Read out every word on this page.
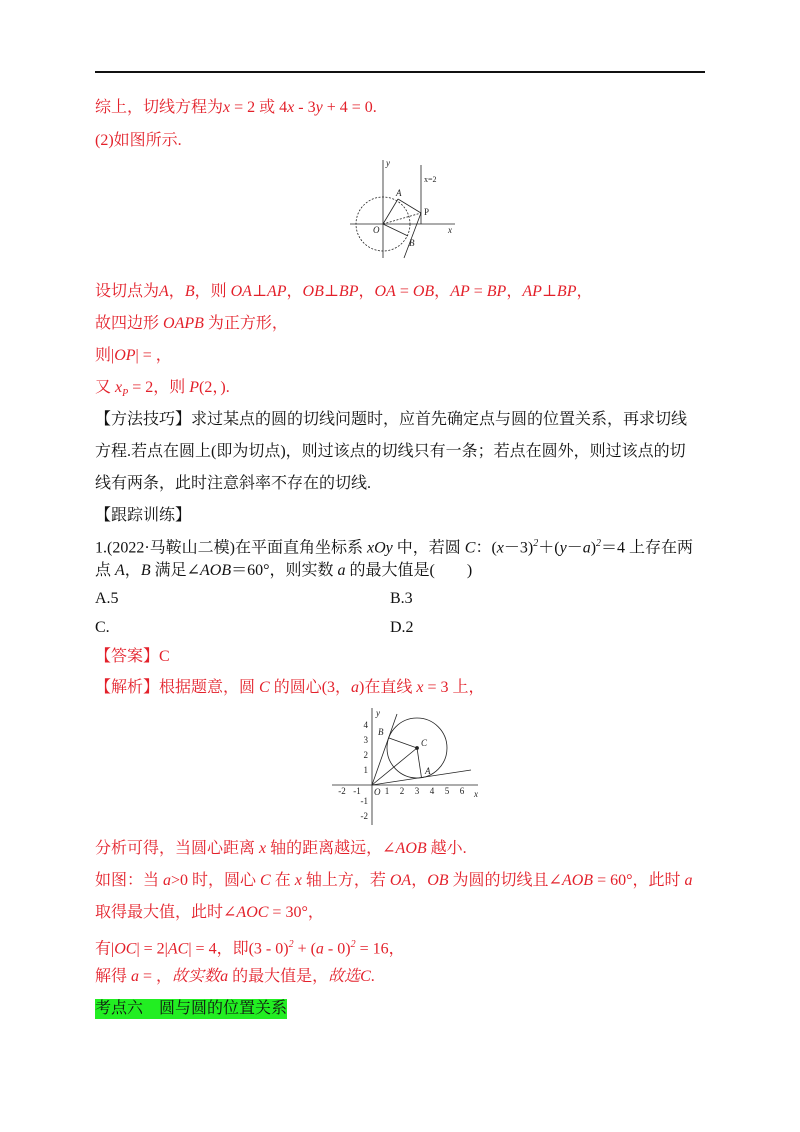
综上，切线方程为x = 2 或 4x - 3y + 4 = 0.
(2)如图所示.
设切点为A，B，则 OA⊥AP，OB⊥BP，OA = OB，AP = BP，AP⊥BP，
故四边形 OAPB 为正方形，
则|OP| = ，
又 $x_P = 2$，则 P(2，).
【方法技巧】求过某点的圆的切线问题时，应首先确定点与圆的位置关系，再求切线
方程.若点在圆上(即为切点)，则过该点的切线只有一条；若点在圆外，则过该点的切
线有两条，此时注意斜率不存在的切线.
【跟踪训练】
1.(2022·马鞍山二模)在平面直角坐标系 xOy 中，若圆 C：$(x-3)^2+(y-a)^2=4$ 上存在两
点 A，B 满足∠AOB＝60°，则实数 a 的最大值是(　　)
【答案】C
【解析】根据题意，圆 C 的圆心(3，a)在直线 x = 3 上，
分析可得，当圆心距离 x 轴的距离越远，∠AOB 越小.
如图：当 a>0 时，圆心 C 在 x 轴上方，若 OA，OB 为圆的切线且∠AOB = 60°，此时 a
取得最大值，此时∠AOC = 30°，
有|OC| = 2|AC| = 4，即(3 - 0)$^2$ + (a - 0)$^2$ = 16，
解得 a = ，故实数a 的最大值是，故选C.
考点六　圆与圆的位置关系
A.5	B.3
C.	D.2
y
x
O
A
B
P
x=2
y
x
O
B
C
A
-2 -1	1 2 3 4 5 6
4
3
2
1
-1
-2
